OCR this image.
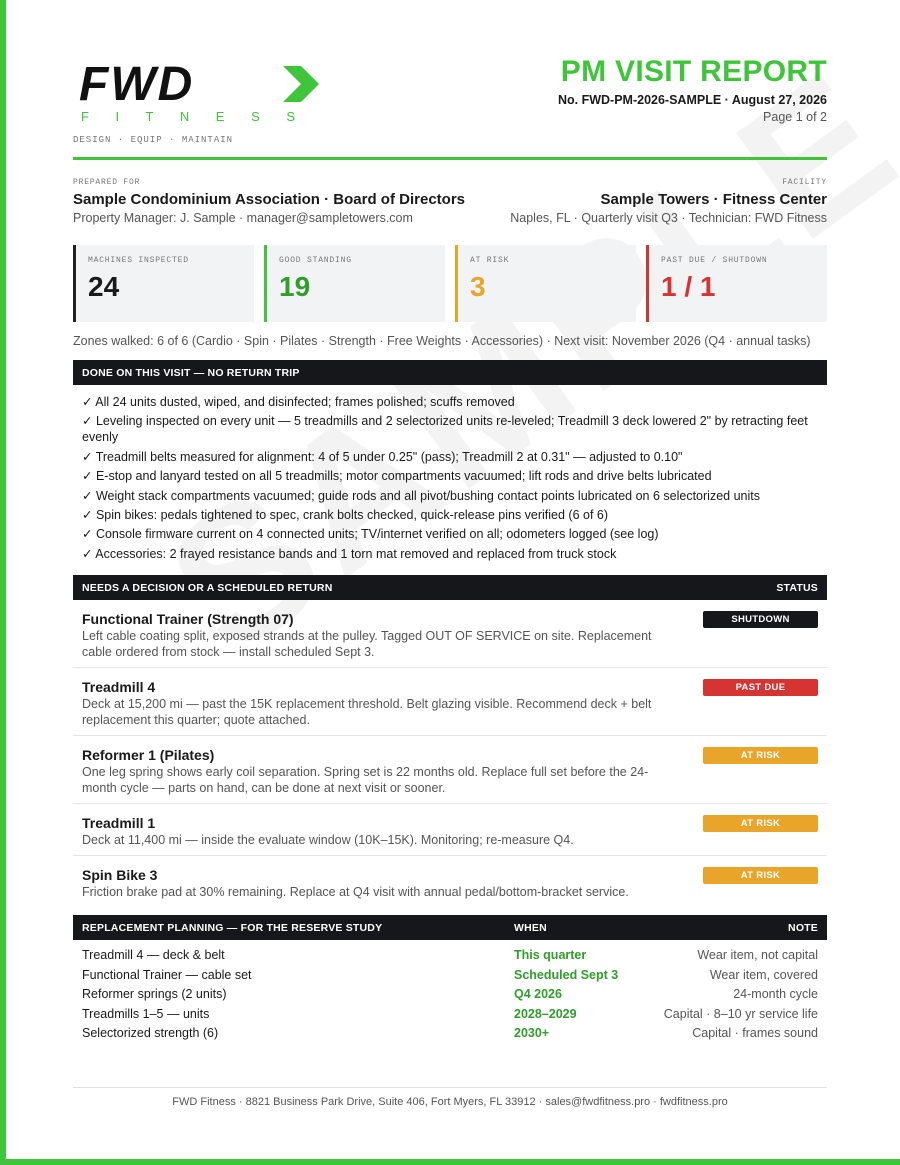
FWD
F I T N E S S
DESIGN · EQUIP · MAINTAIN
PM VISIT REPORT
No. FWD-PM-2026-SAMPLE · August 27, 2026
Page 1 of 2
PREPARED FOR
Sample Condominium Association · Board of Directors
Property Manager: J. Sample · manager@sampletowers.com
FACILITY
Sample Towers · Fitness Center
Naples, FL · Quarterly visit Q3 · Technician: FWD Fitness
MACHINES INSPECTED
24
GOOD STANDING
19
AT RISK
3
PAST DUE / SHUTDOWN
1 / 1
Zones walked: 6 of 6 (Cardio · Spin · Pilates · Strength · Free Weights · Accessories) · Next visit: November 2026 (Q4 · annual tasks)
DONE ON THIS VISIT — NO RETURN TRIP
✓ All 24 units dusted, wiped, and disinfected; frames polished; scuffs removed
✓ Leveling inspected on every unit — 5 treadmills and 2 selectorized units re-leveled; Treadmill 3 deck lowered 2" by retracting feet evenly
✓ Treadmill belts measured for alignment: 4 of 5 under 0.25" (pass); Treadmill 2 at 0.31" — adjusted to 0.10"
✓ E-stop and lanyard tested on all 5 treadmills; motor compartments vacuumed; lift rods and drive belts lubricated
✓ Weight stack compartments vacuumed; guide rods and all pivot/bushing contact points lubricated on 6 selectorized units
✓ Spin bikes: pedals tightened to spec, crank bolts checked, quick-release pins verified (6 of 6)
✓ Console firmware current on 4 connected units; TV/internet verified on all; odometers logged (see log)
✓ Accessories: 2 frayed resistance bands and 1 torn mat removed and replaced from truck stock
NEEDS A DECISION OR A SCHEDULED RETURN	STATUS
Functional Trainer (Strength 07)
Left cable coating split, exposed strands at the pulley. Tagged OUT OF SERVICE on site. Replacement cable ordered from stock — install scheduled Sept 3.
SHUTDOWN
Treadmill 4
Deck at 15,200 mi — past the 15K replacement threshold. Belt glazing visible. Recommend deck + belt replacement this quarter; quote attached.
PAST DUE
Reformer 1 (Pilates)
One leg spring shows early coil separation. Spring set is 22 months old. Replace full set before the 24-month cycle — parts on hand, can be done at next visit or sooner.
AT RISK
Treadmill 1
Deck at 11,400 mi — inside the evaluate window (10K–15K). Monitoring; re-measure Q4.
AT RISK
Spin Bike 3
Friction brake pad at 30% remaining. Replace at Q4 visit with annual pedal/bottom-bracket service.
AT RISK
REPLACEMENT PLANNING — FOR THE RESERVE STUDY	WHEN	NOTE
Treadmill 4 — deck & belt	This quarter	Wear item, not capital
Functional Trainer — cable set	Scheduled Sept 3	Wear item, covered
Reformer springs (2 units)	Q4 2026	24-month cycle
Treadmills 1–5 — units	2028–2029	Capital · 8–10 yr service life
Selectorized strength (6)	2030+	Capital · frames sound
FWD Fitness · 8821 Business Park Drive, Suite 406, Fort Myers, FL 33912 · sales@fwdfitness.pro · fwdfitness.pro
